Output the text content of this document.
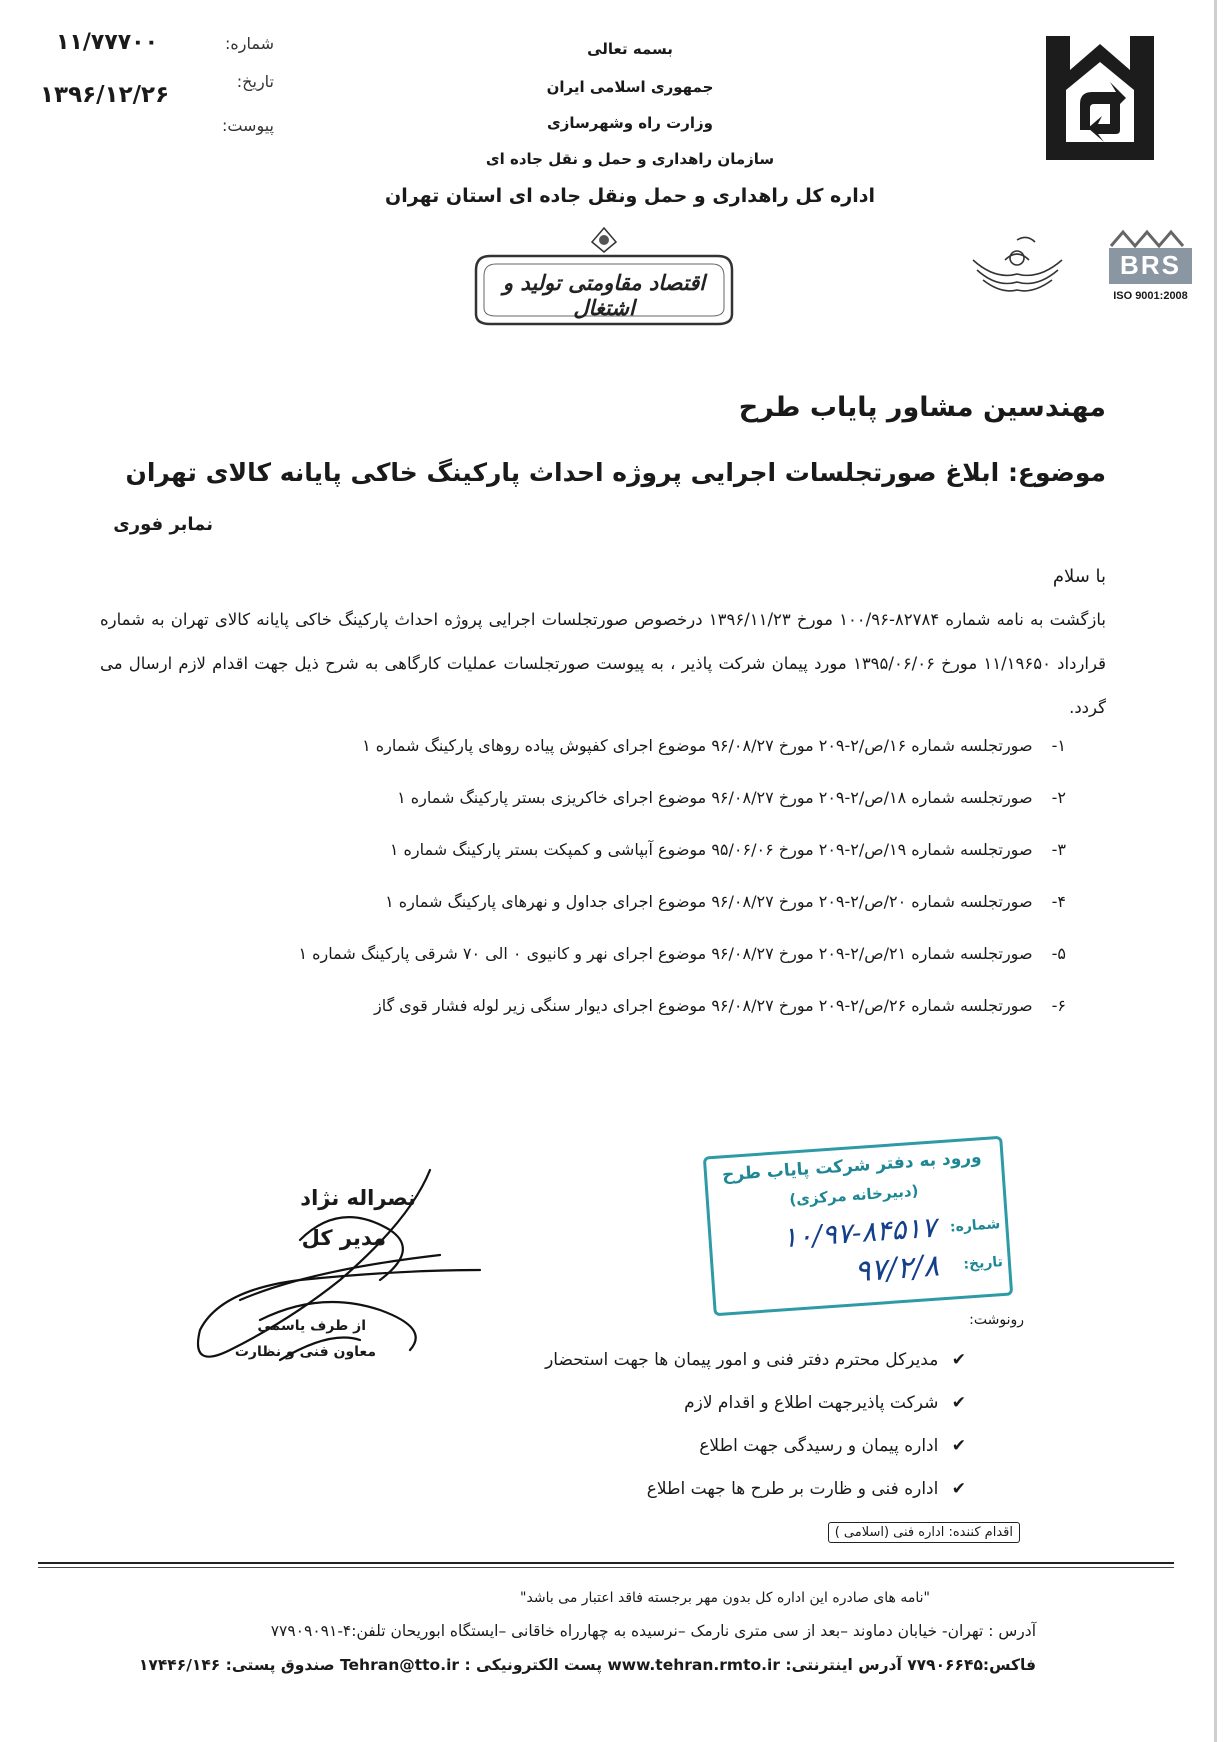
شماره:
۱۱/۷۷۷۰۰
تاریخ:
۱۳۹۶/۱۲/۲۶
پیوست:
بسمه تعالی
جمهوری اسلامی ایران
وزارت راه وشهرسازی
سازمان راهداری و حمل و نقل جاده ای
اداره کل راهداری و حمل ونقل جاده ای استان تهران
اقتصاد مقاومتی تولید و اشتغال
BRS
ISO 9001:2008
مهندسین مشاور پایاب طرح
موضوع: ابلاغ صورتجلسات اجرایی پروژه احداث پارکینگ خاکی پایانه کالای تهران
نمابر فوری
با سلام
بازگشت به نامه شماره ۸۲۷۸۴-۱۰۰/۹۶ مورخ ۱۳۹۶/۱۱/۲۳ درخصوص صورتجلسات اجرایی پروژه احداث پارکینگ خاکی پایانه کالای تهران به شماره قرارداد ۱۱/۱۹۶۵۰ مورخ ۱۳۹۵/۰۶/۰۶ مورد پیمان شرکت پاذیر ، به پیوست صورتجلسات عملیات کارگاهی به شرح ذیل جهت اقدام لازم ارسال می گردد.
۱- صورتجلسه شماره ۱۶/ص/۲-۲۰۹ مورخ ۹۶/۰۸/۲۷ موضوع اجرای کفپوش پیاده روهای پارکینگ شماره ۱
۲- صورتجلسه شماره ۱۸/ص/۲-۲۰۹ مورخ ۹۶/۰۸/۲۷ موضوع اجرای خاکریزی بستر پارکینگ شماره ۱
۳- صورتجلسه شماره ۱۹/ص/۲-۲۰۹ مورخ ۹۵/۰۶/۰۶ موضوع آبپاشی و کمپکت بستر پارکینگ شماره ۱
۴- صورتجلسه شماره ۲۰/ص/۲-۲۰۹ مورخ ۹۶/۰۸/۲۷ موضوع اجرای جداول و نهرهای پارکینگ شماره ۱
۵- صورتجلسه شماره ۲۱/ص/۲-۲۰۹ مورخ ۹۶/۰۸/۲۷ موضوع اجرای نهر و کانیوی ۰ الی ۷۰ شرقی پارکینگ شماره ۱
۶- صورتجلسه شماره ۲۶/ص/۲-۲۰۹ مورخ ۹۶/۰۸/۲۷ موضوع اجرای دیوار سنگی زیر لوله فشار قوی گاز
نصراله نژاد
مدیر کل
از طرف یاسمی
معاون فنی و نظارت
ورود به دفتر شرکت پایاب طرح
(دبیرخانه مرکزی)
شماره:
۱۰/۹۷-۸۴۵۱۷
تاریخ:
۹۷/۲/۸
رونوشت:
✔ مدیرکل محترم دفتر فنی و امور پیمان ها جهت استحضار
✔ شرکت پاذیرجهت اطلاع و اقدام لازم
✔ اداره پیمان و رسیدگی جهت اطلاع
✔ اداره فنی و ظارت بر طرح ها جهت اطلاع
اقدام کننده: اداره فنی (اسلامی )
"نامه های صادره این اداره کل بدون مهر برجسته فاقد اعتبار می باشد"
آدرس : تهران- خیابان دماوند –بعد از سی متری نارمک –نرسیده به چهارراه خاقانی –ایستگاه ابوریحان تلفن:۴-۷۷۹۰۹۰۹۱
فاکس:۷۷۹۰۶۶۴۵ آدرس اینترنتی: www.tehran.rmto.ir پست الکترونیکی : Tehran@tto.ir صندوق پستی: ۱۷۴۴۶/۱۴۶
